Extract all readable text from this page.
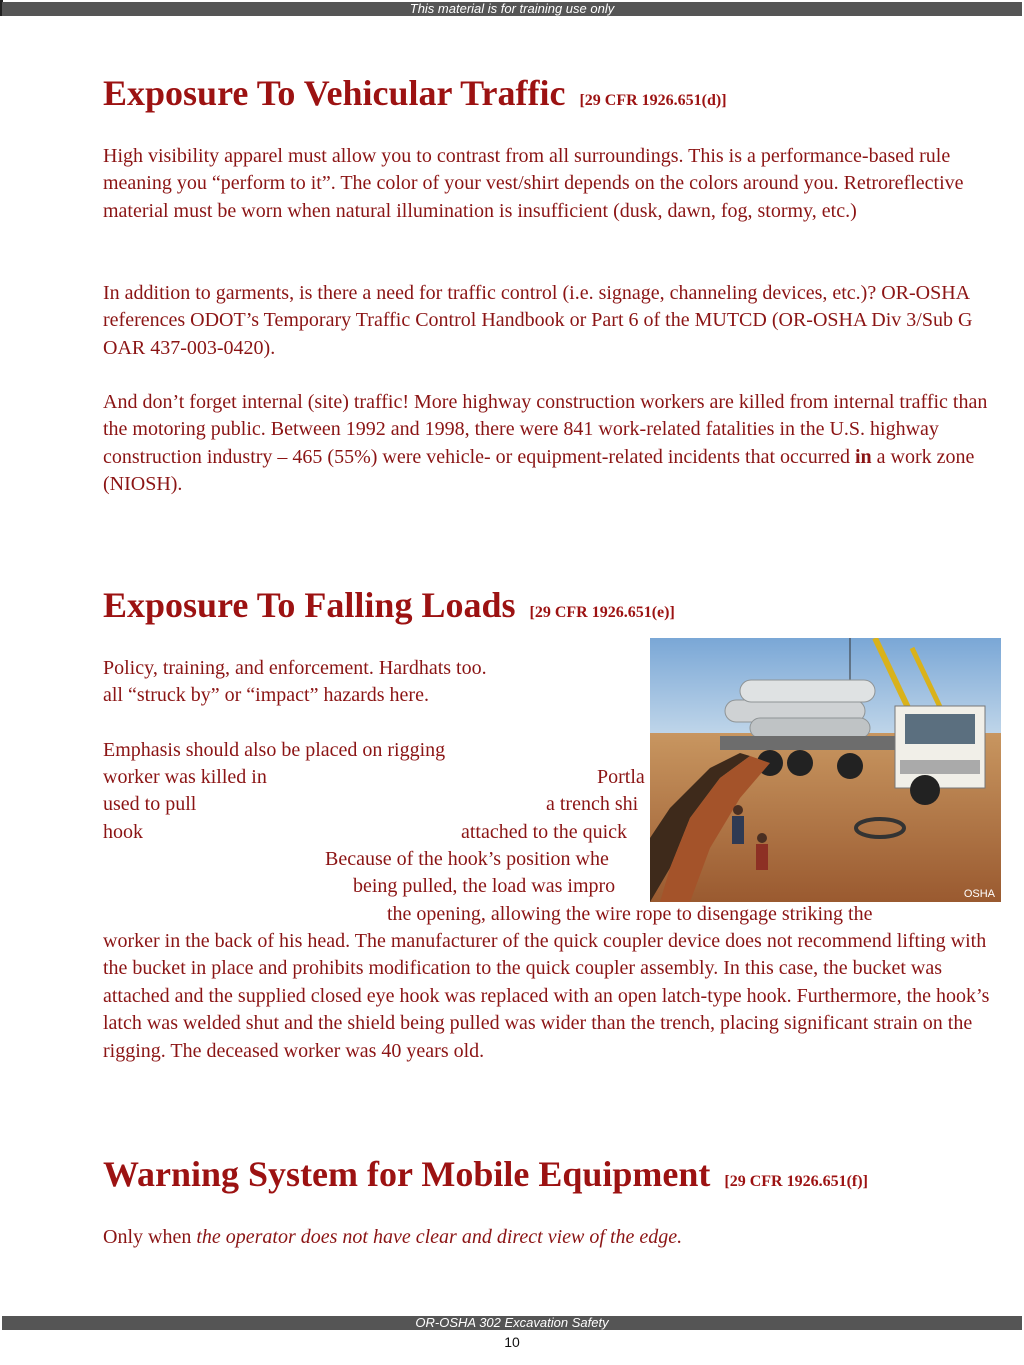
This material is for training use only
Exposure To Vehicular Traffic [29 CFR 1926.651(d)]

High visibility apparel must allow you to contrast from all surroundings. This is a performance-based rule meaning you “perform to it”. The color of your vest/shirt depends on the colors around you. Retroreflective material must be worn when natural illumination is insufficient (dusk, dawn, fog, stormy, etc.)

In addition to garments, is there a need for traffic control (i.e. signage, channeling devices, etc.)? OR-OSHA references ODOT’s Temporary Traffic Control Handbook or Part 6 of the MUTCD (OR-OSHA Div 3/Sub G OAR 437-003-0420).

And don’t forget internal (site) traffic! More highway construction workers are killed from internal traffic than the motoring public. Between 1992 and 1998, there were 841 work-related fatalities in the U.S. highway construction industry – 465 (55%) were vehicle- or equipment-related incidents that occurred in a work zone (NIOSH).

Exposure To Falling Loads [29 CFR 1926.651(e)]
Policy, training, and enforcement. Hardhats too.
all “struck by” or “impact” hazards here.
Emphasis should also be placed on rigging
worker was killed in	Portla
used to pull	a trench shi
hook	attached to the quick
Because of the hook’s position whe
being pulled, the load was impro
the opening, allowing the wire rope to disengage striking the

worker in the back of his head. The manufacturer of the quick coupler device does not recommend lifting with the bucket in place and prohibits modification to the quick coupler assembly. In this case, the bucket was attached and the supplied closed eye hook was replaced with an open latch-type hook. Furthermore, the hook’s latch was welded shut and the shield being pulled was wider than the trench, placing significant strain on the rigging. The deceased worker was 40 years old.

OSHA
Warning System for Mobile Equipment [29 CFR 1926.651(f)]

Only when the operator does not have clear and direct view of the edge.

OR-OSHA 302 Excavation Safety
10
